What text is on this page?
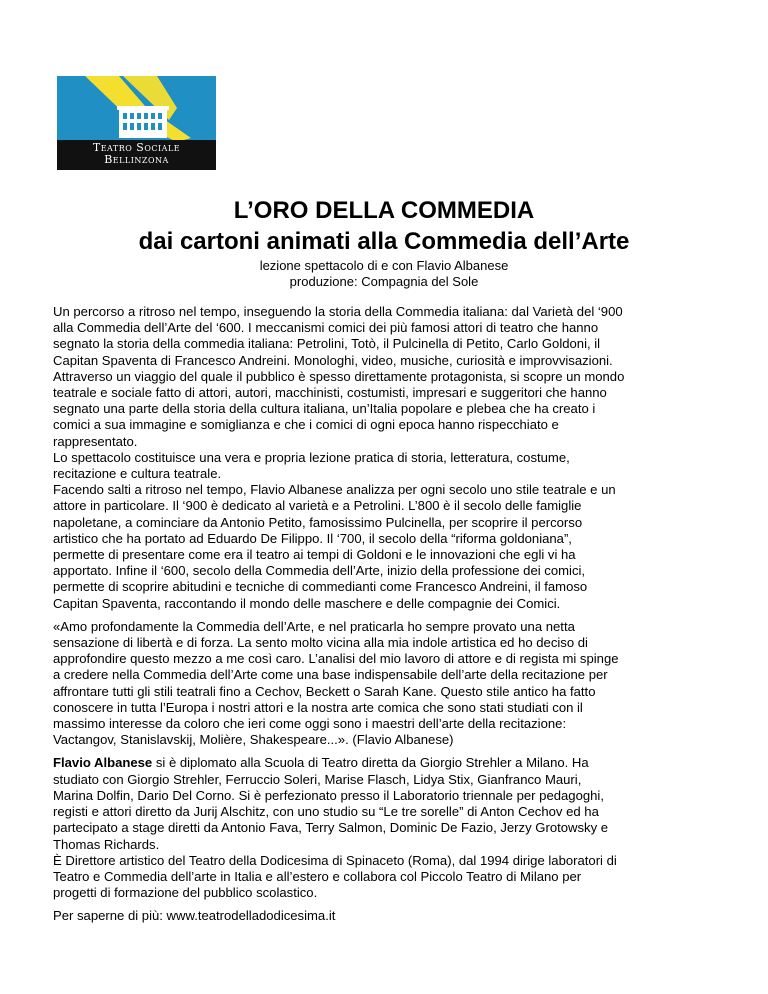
Teatro Sociale
Bellinzona
L’ORO DELLA COMMEDIA
dai cartoni animati alla Commedia dell’Arte
lezione spettacolo di e con Flavio Albanese
produzione: Compagnia del Sole

Un percorso a ritroso nel tempo, inseguendo la storia della Commedia italiana: dal Varietà del ‘900

alla Commedia dell’Arte del ‘600. I meccanismi comici dei più famosi attori di teatro che hanno

segnato la storia della commedia italiana: Petrolini, Totò, il Pulcinella di Petito, Carlo Goldoni, il

Capitan Spaventa di Francesco Andreini. Monologhi, video, musiche, curiosità e improvvisazioni.

Attraverso un viaggio del quale il pubblico è spesso direttamente protagonista, si scopre un mondo

teatrale e sociale fatto di attori, autori, macchinisti, costumisti, impresari e suggeritori che hanno

segnato una parte della storia della cultura italiana, un’Italia popolare e plebea che ha creato i

comici a sua immagine e somiglianza e che i comici di ogni epoca hanno rispecchiato e

rappresentato.

Lo spettacolo costituisce una vera e propria lezione pratica di storia, letteratura, costume,

recitazione e cultura teatrale.

Facendo salti a ritroso nel tempo, Flavio Albanese analizza per ogni secolo uno stile teatrale e un

attore in particolare. Il ‘900 è dedicato al varietà e a Petrolini. L’800 è il secolo delle famiglie

napoletane, a cominciare da Antonio Petito, famosissimo Pulcinella, per scoprire il percorso

artistico che ha portato ad Eduardo De Filippo. Il ‘700, il secolo della “riforma goldoniana”,

permette di presentare come era il teatro ai tempi di Goldoni e le innovazioni che egli vi ha

apportato. Infine il ‘600, secolo della Commedia dell’Arte, inizio della professione dei comici,

permette di scoprire abitudini e tecniche di commedianti come Francesco Andreini, il famoso

Capitan Spaventa, raccontando il mondo delle maschere e delle compagnie dei Comici.

«Amo profondamente la Commedia dell’Arte, e nel praticarla ho sempre provato una netta

sensazione di libertà e di forza. La sento molto vicina alla mia indole artistica ed ho deciso di

approfondire questo mezzo a me così caro. L’analisi del mio lavoro di attore e di regista mi spinge

a credere nella Commedia dell’Arte come una base indispensabile dell’arte della recitazione per

affrontare tutti gli stili teatrali fino a Cechov, Beckett o Sarah Kane. Questo stile antico ha fatto

conoscere in tutta l’Europa i nostri attori e la nostra arte comica che sono stati studiati con il

massimo interesse da coloro che ieri come oggi sono i maestri dell’arte della recitazione:

Vactangov, Stanislavskij, Molière, Shakespeare...». (Flavio Albanese)

Flavio Albanese si è diplomato alla Scuola di Teatro diretta da Giorgio Strehler a Milano. Ha

studiato con Giorgio Strehler, Ferruccio Soleri, Marise Flasch, Lidya Stix, Gianfranco Mauri,

Marina Dolfin, Dario Del Corno. Si è perfezionato presso il Laboratorio triennale per pedagoghi,

registi e attori diretto da Jurij Alschitz, con uno studio su “Le tre sorelle” di Anton Cechov ed ha

partecipato a stage diretti da Antonio Fava, Terry Salmon, Dominic De Fazio, Jerzy Grotowsky e

Thomas Richards.

È Direttore artistico del Teatro della Dodicesima di Spinaceto (Roma), dal 1994 dirige laboratori di

Teatro e Commedia dell’arte in Italia e all’estero e collabora col Piccolo Teatro di Milano per

progetti di formazione del pubblico scolastico.

Per saperne di più: www.teatrodelladodicesima.it
